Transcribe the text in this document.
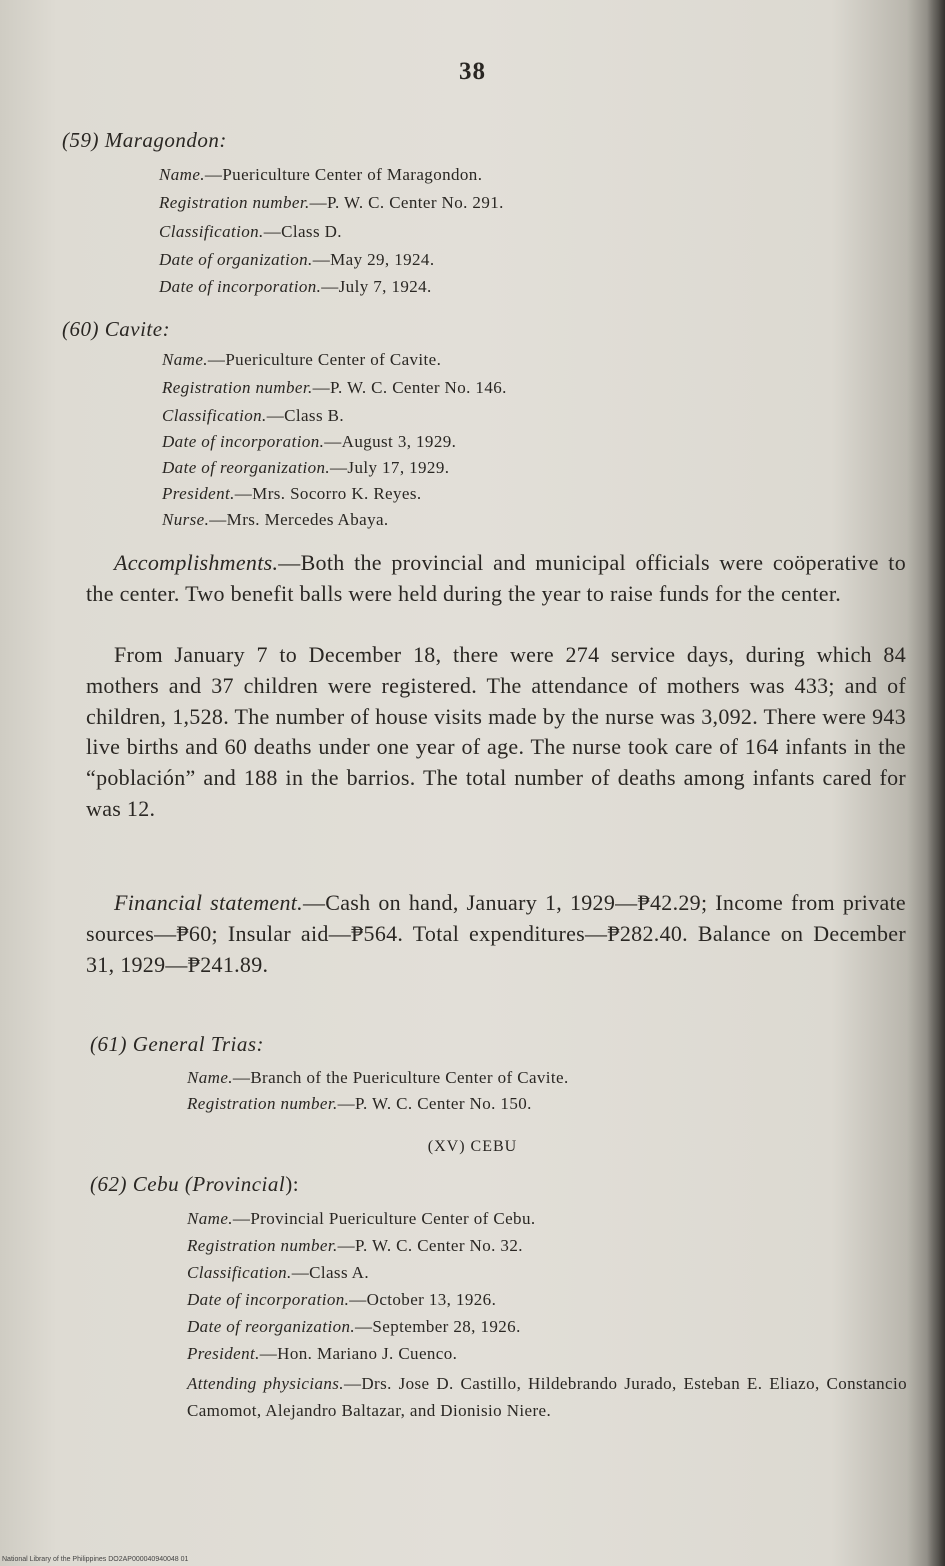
38
(59) Maragondon:
Name.—Puericulture Center of Maragondon.
Registration number.—P. W. C. Center No. 291.
Classification.—Class D.
Date of organization.—May 29, 1924.
Date of incorporation.—July 7, 1924.
(60) Cavite:
Name.—Puericulture Center of Cavite.
Registration number.—P. W. C. Center No. 146.
Classification.—Class B.
Date of incorporation.—August 3, 1929.
Date of reorganization.—July 17, 1929.
President.—Mrs. Socorro K. Reyes.
Nurse.—Mrs. Mercedes Abaya.
Accomplishments.—Both the provincial and municipal officials were coöperative to the center. Two benefit balls were held during the year to raise funds for the center.
From January 7 to December 18, there were 274 service days, during which 84 mothers and 37 children were registered. The attendance of mothers was 433; and of children, 1,528. The number of house visits made by the nurse was 3,092. There were 943 live births and 60 deaths under one year of age. The nurse took care of 164 infants in the “población” and 188 in the barrios. The total number of deaths among infants cared for was 12.
Financial statement.—Cash on hand, January 1, 1929—₱42.29; Income from private sources—₱60; Insular aid—₱564. Total expenditures—₱282.40. Balance on December 31, 1929—₱241.89.
(61) General Trias:
Name.—Branch of the Puericulture Center of Cavite.
Registration number.—P. W. C. Center No. 150.
(XV) CEBU
(62) Cebu (Provincial):
Name.—Provincial Puericulture Center of Cebu.
Registration number.—P. W. C. Center No. 32.
Classification.—Class A.
Date of incorporation.—October 13, 1926.
Date of reorganization.—September 28, 1926.
President.—Hon. Mariano J. Cuenco.
Attending physicians.—Drs. Jose D. Castillo, Hildebrando Jurado, Esteban E. Eliazo, Constancio Camomot, Alejandro Baltazar, and Dionisio Niere.
National Library of the Philippines DO2AP000040940048 01
